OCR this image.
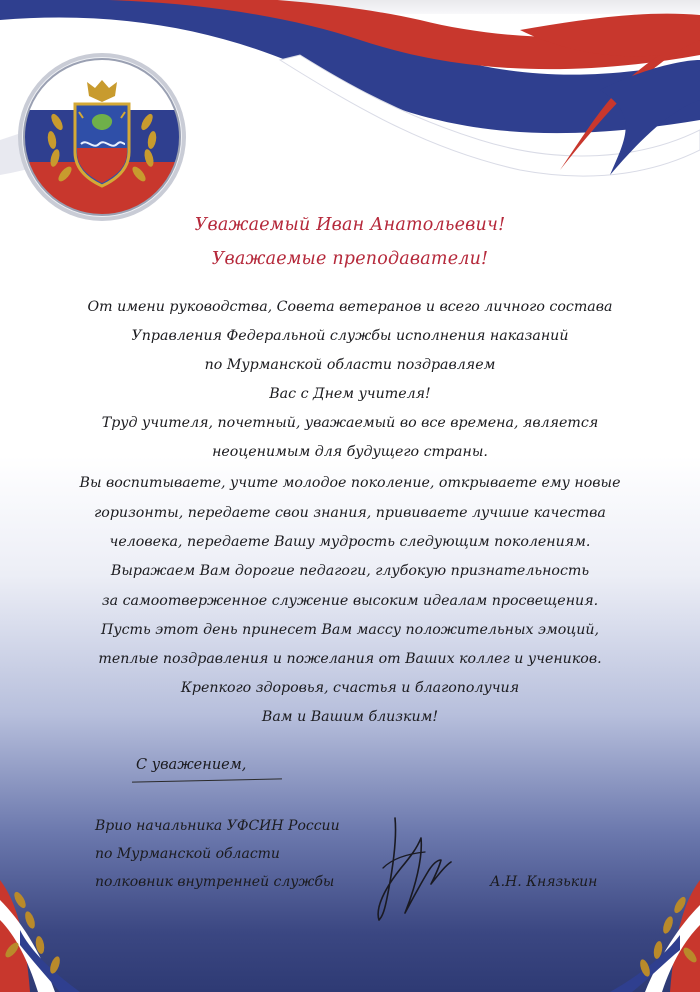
Уважаемый Иван Анатольевич!
Уважаемые преподаватели!
От имени руководства, Совета ветеранов и всего личного состава
Управления Федеральной службы исполнения наказаний
по Мурманской области поздравляем
Вас с Днем учителя!
Труд учителя, почетный, уважаемый во все времена, является
неоценимым для будущего страны.
Вы воспитываете, учите молодое поколение, открываете ему новые
горизонты, передаете свои знания, прививаете лучшие качества
человека, передаете Вашу мудрость следующим поколениям.
Выражаем Вам дорогие педагоги, глубокую признательность
за самоотверженное служение высоким идеалам просвещения.
Пусть этот день принесет Вам массу положительных эмоций,
теплые поздравления и пожелания от Ваших коллег и учеников.
Крепкого здоровья, счастья и благополучия
Вам и Вашим близким!
С уважением,
Врио начальника УФСИН России
по Мурманской области
полковник внутренней службы	А.Н. Князькин
